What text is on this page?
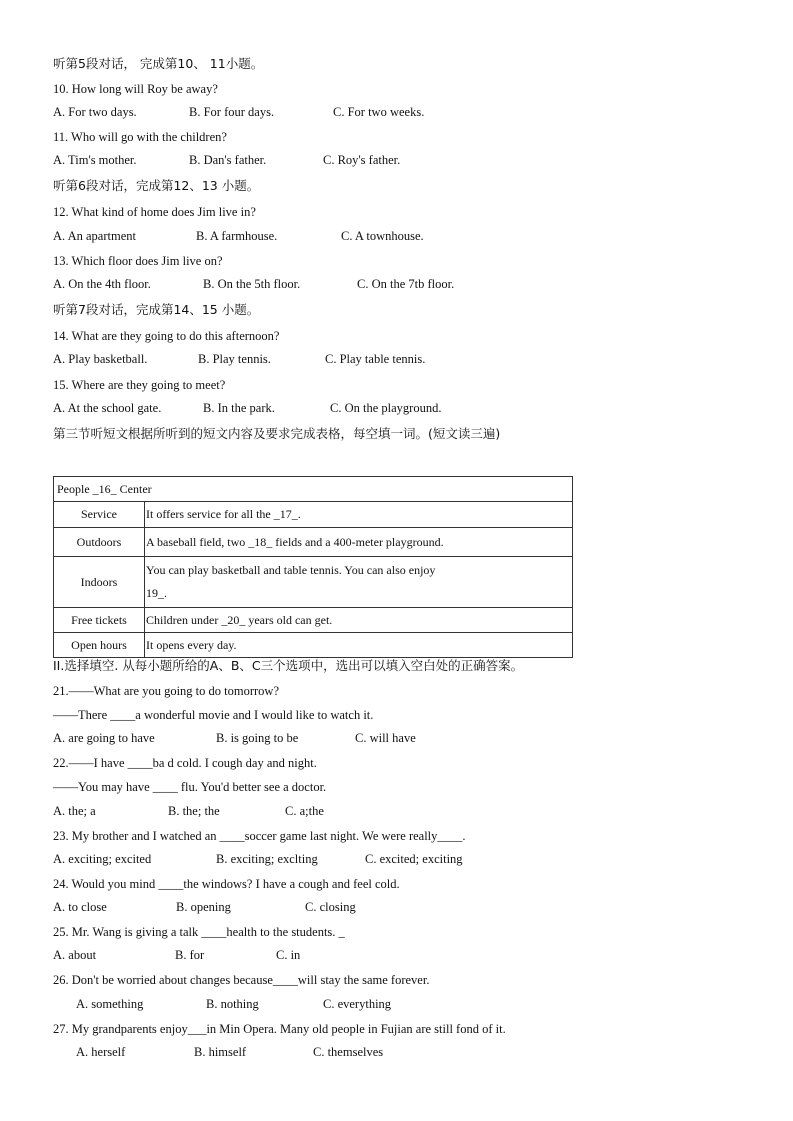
听第5段对话， 完成第10、 11小题。
10. How long will Roy be away?
A. For two days.	B. For four days.	C. For two weeks.
11. Who will go with the children?
A. Tim's mother.	B. Dan's father.	C. Roy's father.
听第6段对话，完成第12、13 小题。
12. What kind of home does Jim live in?
A. An apartment	B. A farmhouse.	C. A townhouse.
13. Which floor does Jim live on?
A. On the 4th floor.	B. On the 5th floor.	C. On the 7tb floor.
听第7段对话，完成第14、15 小题。
14. What are they going to do this afternoon?
A. Play basketball.	B. Play tennis.	C. Play table tennis.
15. Where are they going to meet?
A. At the school gate.	B. In the park.	C. On the playground.
第三节听短文根据所听到的短文内容及要求完成表格，每空填一词。(短文读三遍)
People _16_ Center	
Service	It offers service for all the _17_.
Outdoors	A baseball field, two _18_ fields and a 400-meter playground.
Indoors	You can play basketball and table tennis. You can also enjoy
19_.

Free tickets	Children under _20_ years old can get.
Open hours	It opens every day.
II.选择填空. 从每小题所给的A、B、C三个选项中，选出可以填入空白处的正确答案。
21.——What are you going to do tomorrow?
——There ____a wonderful movie and I would like to watch it.
A. are going to have	B. is going to be	C. will have
22.——I have ____ba d cold. I cough day and night.
——You may have ____ flu. You'd better see a doctor.
A. the; a	B. the; the	C. a;the
23. My brother and I watched an ____soccer game last night. We were really____.
A. exciting; excited	B. exciting; exclting	C. excited; exciting
24. Would you mind ____the windows? I have a cough and feel cold.
A. to close	B. opening	C. closing
25. Mr. Wang is giving a talk ____health to the students. _
A. about	B. for	C. in
26. Don't be worried about changes because____will stay the same forever.
A. something	B. nothing	C. everything
27. My grandparents enjoy___in Min Opera. Many old people in Fujian are still fond of it.
A. herself	B. himself	C. themselves
